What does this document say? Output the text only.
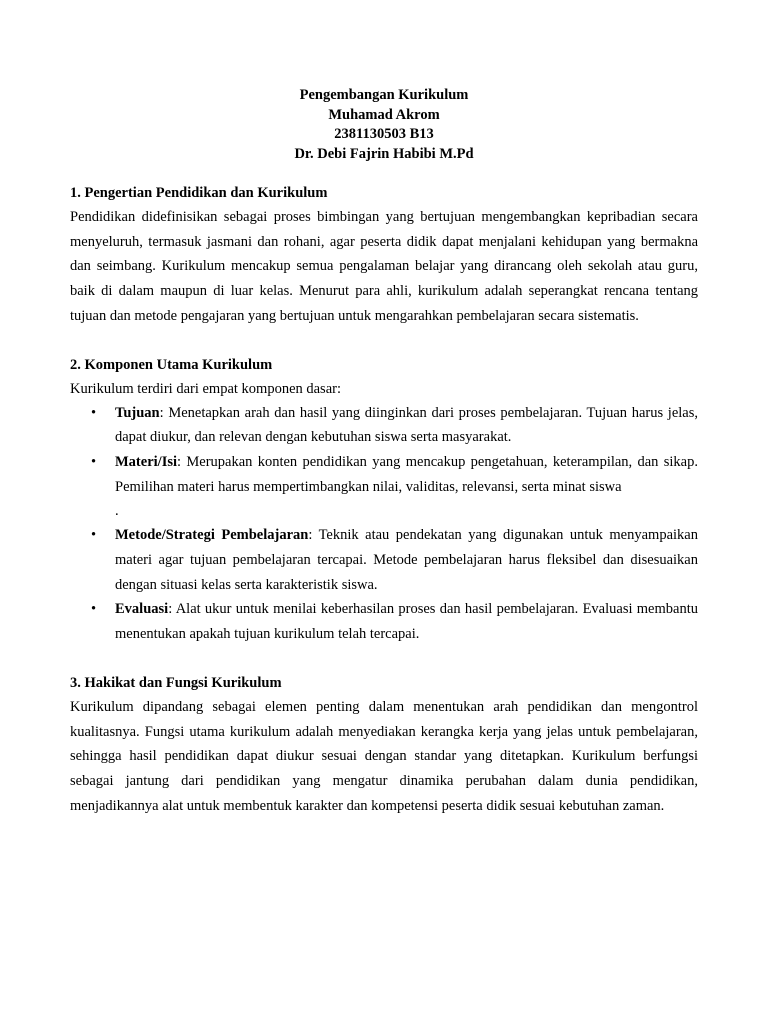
Pengembangan Kurikulum
Muhamad Akrom
2381130503 B13
Dr. Debi Fajrin Habibi M.Pd
1. Pengertian Pendidikan dan Kurikulum

Pendidikan didefinisikan sebagai proses bimbingan yang bertujuan mengembangkan kepribadian secara menyeluruh, termasuk jasmani dan rohani, agar peserta didik dapat menjalani kehidupan yang bermakna dan seimbang. Kurikulum mencakup semua pengalaman belajar yang dirancang oleh sekolah atau guru, baik di dalam maupun di luar kelas. Menurut para ahli, kurikulum adalah seperangkat rencana tentang tujuan dan metode pengajaran yang bertujuan untuk mengarahkan pembelajaran secara sistematis.

2. Komponen Utama Kurikulum

Kurikulum terdiri dari empat komponen dasar:

• Tujuan: Menetapkan arah dan hasil yang diinginkan dari proses pembelajaran. Tujuan harus jelas, dapat diukur, dan relevan dengan kebutuhan siswa serta masyarakat.
• Materi/Isi: Merupakan konten pendidikan yang mencakup pengetahuan, keterampilan, dan sikap. Pemilihan materi harus mempertimbangkan nilai, validitas, relevansi, serta minat siswa
.
• Metode/Strategi Pembelajaran: Teknik atau pendekatan yang digunakan untuk menyampaikan materi agar tujuan pembelajaran tercapai. Metode pembelajaran harus fleksibel dan disesuaikan dengan situasi kelas serta karakteristik siswa.
• Evaluasi: Alat ukur untuk menilai keberhasilan proses dan hasil pembelajaran. Evaluasi membantu menentukan apakah tujuan kurikulum telah tercapai.
3. Hakikat dan Fungsi Kurikulum

Kurikulum dipandang sebagai elemen penting dalam menentukan arah pendidikan dan mengontrol kualitasnya. Fungsi utama kurikulum adalah menyediakan kerangka kerja yang jelas untuk pembelajaran, sehingga hasil pendidikan dapat diukur sesuai dengan standar yang ditetapkan. Kurikulum berfungsi sebagai jantung dari pendidikan yang mengatur dinamika perubahan dalam dunia pendidikan, menjadikannya alat untuk membentuk karakter dan kompetensi peserta didik sesuai kebutuhan zaman.
